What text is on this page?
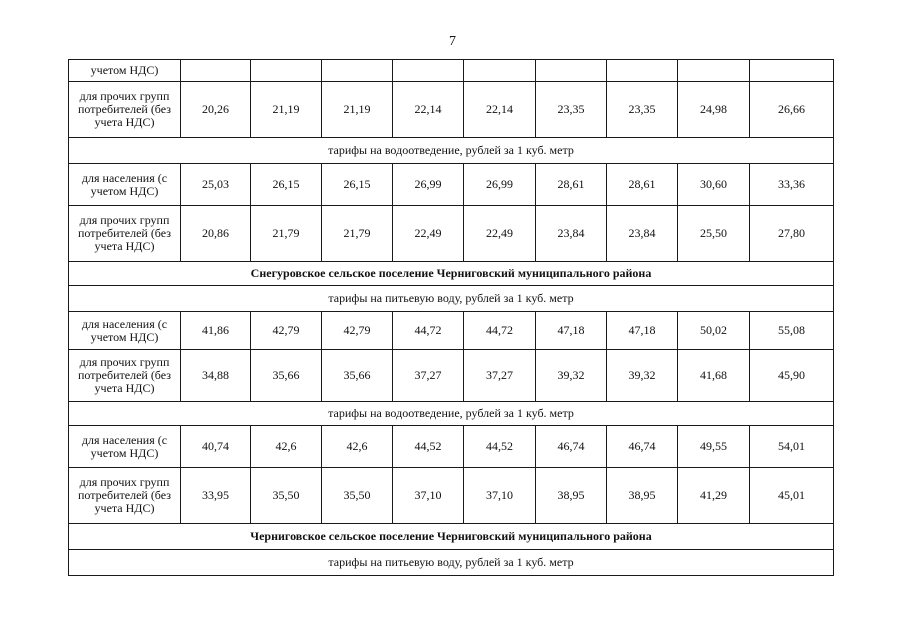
7
учетом НДС)									
для прочих групп потребителей (без учета НДС)	20,26	21,19	21,19	22,14	22,14	23,35	23,35	24,98	26,66
тарифы на водоотведение, рублей за 1 куб. метр									
для населения (с учетом НДС)	25,03	26,15	26,15	26,99	26,99	28,61	28,61	30,60	33,36
для прочих групп потребителей (без учета НДС)	20,86	21,79	21,79	22,49	22,49	23,84	23,84	25,50	27,80
Снегуровское сельское поселение Черниговский муниципального района									
тарифы на питьевую воду, рублей за 1 куб. метр									
для населения (с учетом НДС)	41,86	42,79	42,79	44,72	44,72	47,18	47,18	50,02	55,08
для прочих групп потребителей (без учета НДС)	34,88	35,66	35,66	37,27	37,27	39,32	39,32	41,68	45,90
тарифы на водоотведение, рублей за 1 куб. метр									
для населения (с учетом НДС)	40,74	42,6	42,6	44,52	44,52	46,74	46,74	49,55	54,01
для прочих групп потребителей (без учета НДС)	33,95	35,50	35,50	37,10	37,10	38,95	38,95	41,29	45,01
Черниговское сельское поселение Черниговский муниципального района									
тарифы на питьевую воду, рублей за 1 куб. метр									
